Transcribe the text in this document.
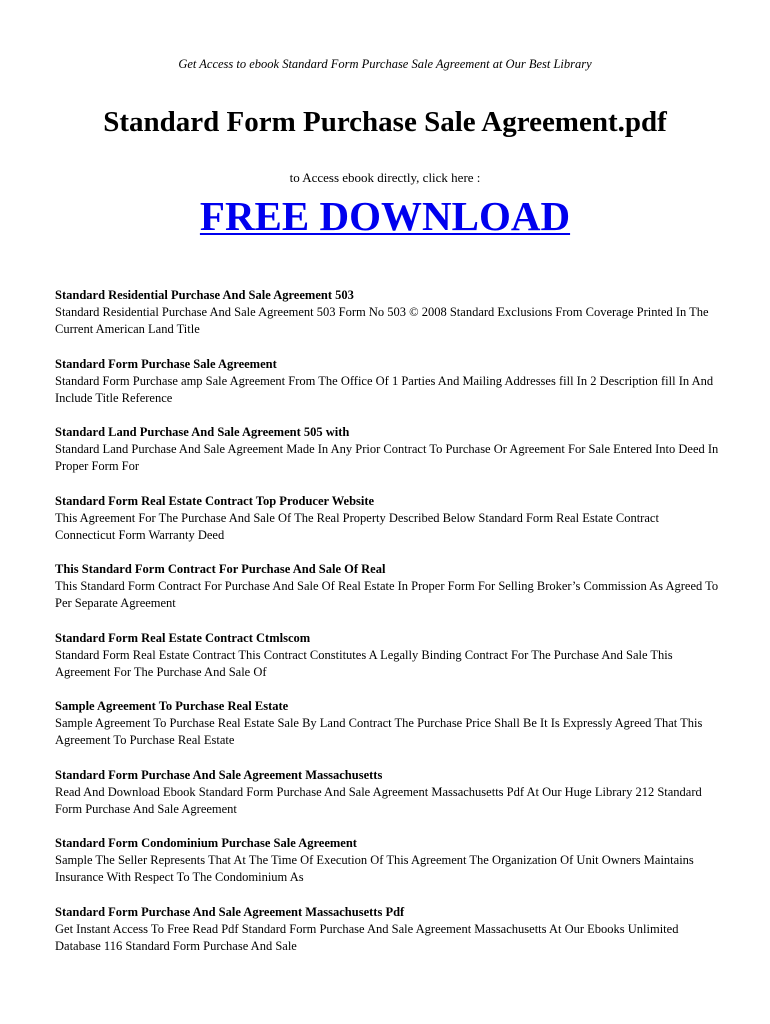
Get Access to ebook Standard Form Purchase Sale Agreement at Our Best Library
Standard Form Purchase Sale Agreement.pdf
to Access ebook directly, click here :
FREE DOWNLOAD
Standard Residential Purchase And Sale Agreement 503
Standard Residential Purchase And Sale Agreement 503 Form No 503 © 2008 Standard Exclusions From Coverage Printed In The Current American Land Title
Standard Form Purchase Sale Agreement
Standard Form Purchase amp Sale Agreement From The Office Of 1 Parties And Mailing Addresses fill In 2 Description fill In And Include Title Reference
Standard Land Purchase And Sale Agreement 505 with
Standard Land Purchase And Sale Agreement Made In Any Prior Contract To Purchase Or Agreement For Sale Entered Into Deed In Proper Form For
Standard Form Real Estate Contract Top Producer Website
This Agreement For The Purchase And Sale Of The Real Property Described Below Standard Form Real Estate Contract Connecticut Form Warranty Deed
This Standard Form Contract For Purchase And Sale Of Real
This Standard Form Contract For Purchase And Sale Of Real Estate In Proper Form For Selling Broker’s Commission As Agreed To Per Separate Agreement
Standard Form Real Estate Contract Ctmlscom
Standard Form Real Estate Contract This Contract Constitutes A Legally Binding Contract For The Purchase And Sale This Agreement For The Purchase And Sale Of
Sample Agreement To Purchase Real Estate
Sample Agreement To Purchase Real Estate Sale By Land Contract The Purchase Price Shall Be It Is Expressly Agreed That This Agreement To Purchase Real Estate
Standard Form Purchase And Sale Agreement Massachusetts
Read And Download Ebook Standard Form Purchase And Sale Agreement Massachusetts Pdf At Our Huge Library 212 Standard Form Purchase And Sale Agreement
Standard Form Condominium Purchase Sale Agreement
Sample The Seller Represents That At The Time Of Execution Of This Agreement The Organization Of Unit Owners Maintains Insurance With Respect To The Condominium As
Standard Form Purchase And Sale Agreement Massachusetts Pdf
Get Instant Access To Free Read Pdf Standard Form Purchase And Sale Agreement Massachusetts At Our Ebooks Unlimited Database 116 Standard Form Purchase And Sale
